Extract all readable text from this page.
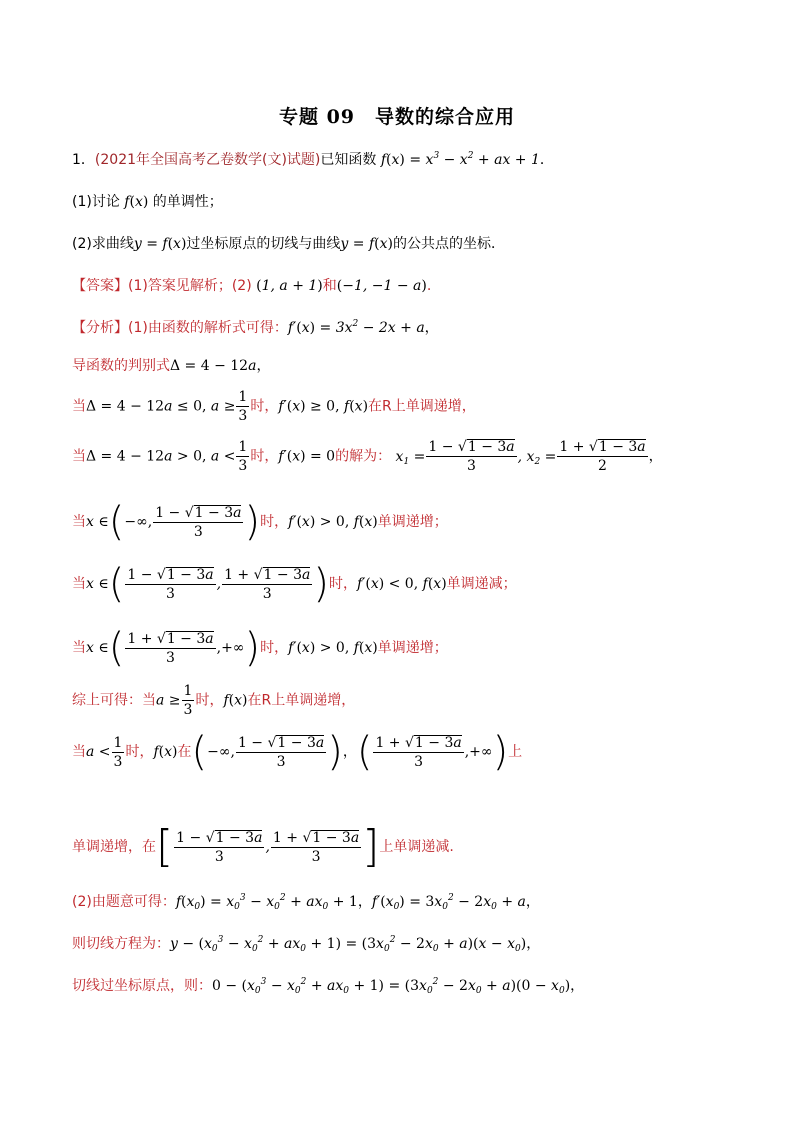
专题 09　导数的综合应用
1．(2021年全国高考乙卷数学(文)试题)已知函数 $f(x) = x^3 - x^2$ + ax + 1．
(1)讨论 f(x) 的单调性；
(2)求曲线y = f(x)过坐标原点的切线与曲线y = f(x)的公共点的坐标．
【答案】(1)答案见解析；(2) (1, a + 1)和(−1, −1 − a).
【分析】(1)由函数的解析式可得：$f'(x) = 3x^2 - 2x + a$，
导函数的判别式Δ = 4 − 12a，
当Δ = 4 − 12a ≤ 0, $a \ge \frac{1}{3}$ 时，f′(x) ≥ 0, f(x)在R上单调递增，
当Δ = 4 − 12a > 0, $a < \frac{1}{3}$ 时，f′(x) = 0的解为： $x_1 = \frac{1 - √1 - 3a}{3}$ , $x_2 = \frac{1 + √1 - 3a}{2}$ ，
当x ∈(−∞, $\frac{1 - √1 - 3a}{3}$ )时，f′(x) > 0, f(x)单调递增；
当x ∈( $\frac{1 - √1 - 3a}{3}$ , $\frac{1 + √1 - 3a}{3}$ )时，f′(x) < 0, f(x)单调递减；
当x ∈( $\frac{1 + √1 - 3a}{3}$ ,+∞)时，f′(x) > 0, f(x)单调递增；
综上可得：当$a \ge \frac{1}{3}$ 时，f(x)在R上单调递增，
当$a < \frac{1}{3}$ 时，f(x)在(−∞, $\frac{1 - √1 - 3a}{3}$ )，( $\frac{1 + √1 - 3a}{3}$ ,+∞)上
单调递增，在[ $\frac{1 - √1 - 3a}{3}$ , $\frac{1 + √1 - 3a}{3}$ ]上单调递减.
(2)由题意可得：$f(x_0) = x_0^3 - x_0^2 + ax_0 + 1$，$f'(x_0) = 3x_0^2 - 2x_0 + a$，
则切线方程为：$y - (x_0^3 - x_0^2 + ax_0 + 1) = (3x_0^2 - 2x_0 + a)(x - x_0)$，
切线过坐标原点，则：$0 - (x_0^3 - x_0^2 + ax_0 + 1) = (3x_0^2 - 2x_0 + a)(0 - x_0)$，
